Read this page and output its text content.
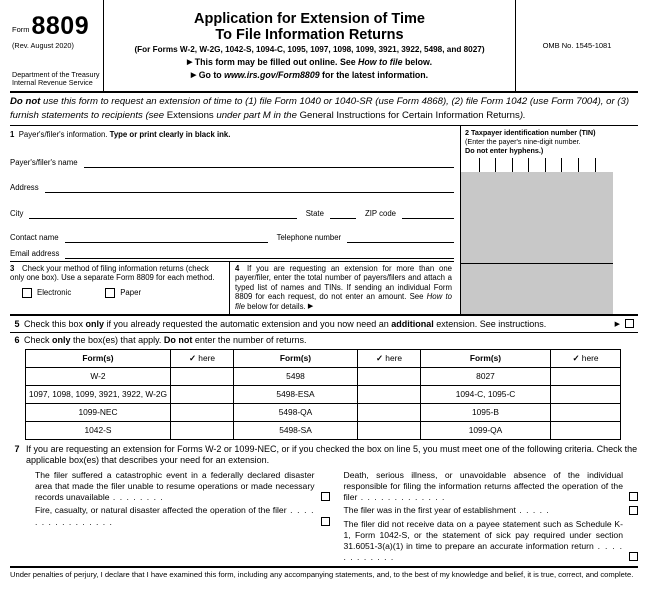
Form 8809
(Rev. August 2020)
Department of the Treasury
Internal Revenue Service
Application for Extension of Time
To File Information Returns
(For Forms W-2, W-2G, 1042-S, 1094-C, 1095, 1097, 1098, 1099, 3921, 3922, 5498, and 8027)
▶ This form may be filled out online. See How to file below.
▶ Go to www.irs.gov/Form8809 for the latest information.
OMB No. 1545-1081
Do not use this form to request an extension of time to (1) file Form 1040 or 1040-SR (use Form 4868), (2) file Form 1042 (use Form 7004), or (3) furnish statements to recipients (see Extensions under part M in the General Instructions for Certain Information Returns).
1 Payer's/filer's information. Type or print clearly in black ink.
Payer's/filer's name
Address
City	State	ZIP code
Contact name	Telephone number
Email address
3 Check your method of filing information returns (check only one box). Use a separate Form 8809 for each method.
Electronic	Paper
4 If you are requesting an extension for more than one payer/filer, enter the total number of payers/filers and attach a typed list of names and TINs. If sending an individual Form 8809 for each request, do not enter an amount. See How to file below for details. ▶
2 Taxpayer identification number (TIN)
(Enter the payer's nine-digit number.
Do not enter hyphens.)
5 Check this box only if you already requested the automatic extension and you now need an additional extension. See instructions.	▶
6 Check only the box(es) that apply. Do not enter the number of returns.
Form(s)	✓ here	Form(s)	✓ here	Form(s)	✓ here
W-2		5498		8027	
1097, 1098, 1099, 3921, 3922, W-2G		5498-ESA		1094-C, 1095-C	
1099-NEC		5498-QA		1095-B	
1042-S		5498-SA		1099-QA	
7 If you are requesting an extension for Forms W-2 or 1099-NEC, or if you checked the box on line 5, you must meet one of the following criteria. Check the applicable box(es) that describes your need for an extension.
The filer suffered a catastrophic event in a federally declared disaster area that made the filer unable to resume operations or made necessary records unavailable . . . . . . . .
Fire, casualty, or natural disaster affected the operation of the filer . . . . . . . . . . . . . . . .
Death, serious illness, or unavoidable absence of the individual responsible for filing the information returns affected the operation of the filer . . . . . . . . . . . . .
The filer was in the first year of establishment . . . . .
The filer did not receive data on a payee statement such as Schedule K-1, Form 1042-S, or the statement of sick pay required under section 31.6051-3(a)(1) in time to prepare an accurate information return . . . . . . . . . . . .
Under penalties of perjury, I declare that I have examined this form, including any accompanying statements, and, to the best of my knowledge and belief, it is true, correct, and complete.
